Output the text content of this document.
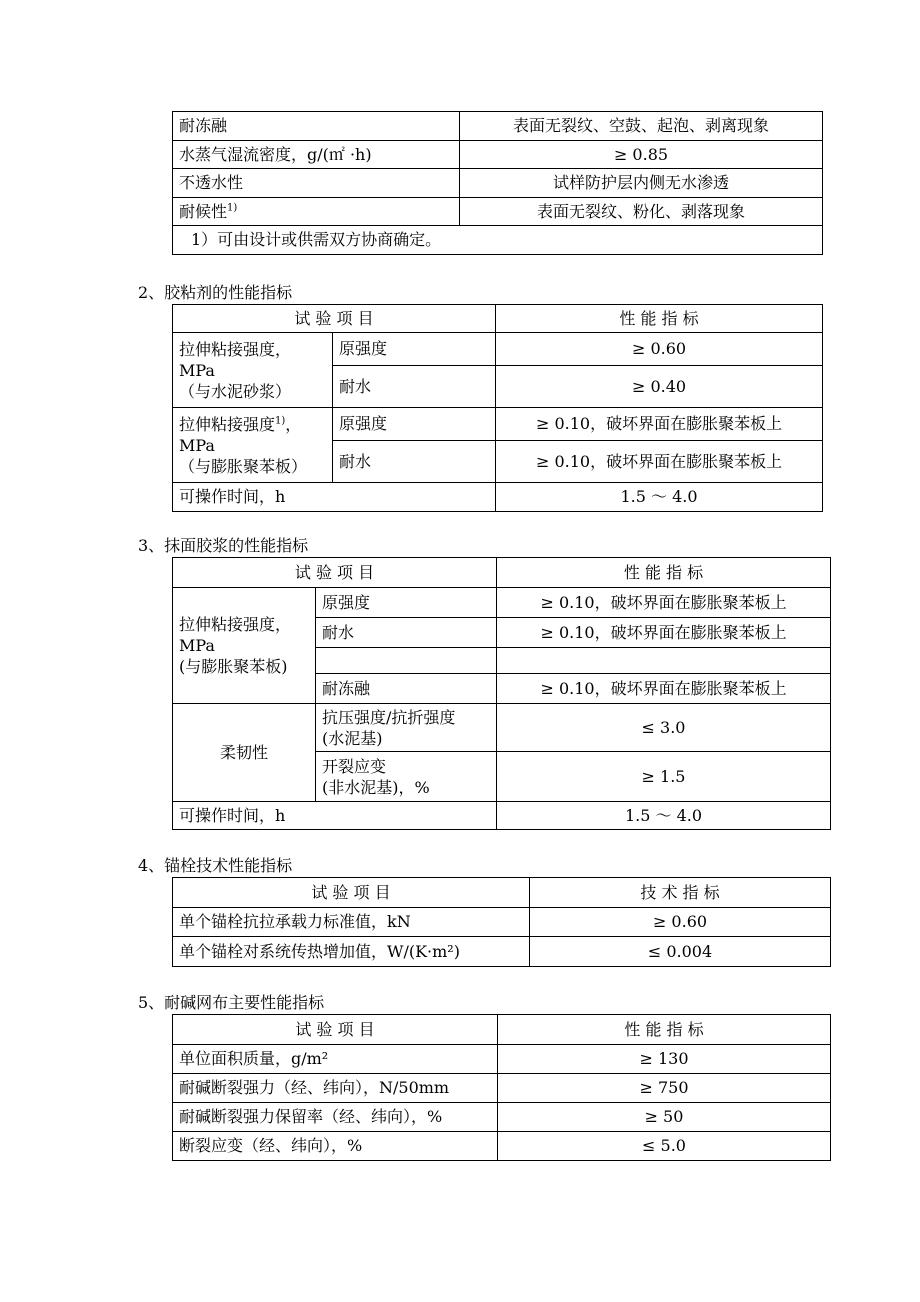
耐冻融	表面无裂纹、空鼓、起泡、剥离现象
水蒸气湿流密度，g/(㎡ ·h)	≥ 0.85
不透水性	试样防护层内侧无水渗透
耐候性$^{1)}$	表面无裂纹、粉化、剥落现象
1）可由设计或供需双方协商确定。	
2、胶粘剂的性能指标
试 验 项 目		性 能 指 标

拉伸粘接强度，
MPa
（与水泥砂浆）	原强度	≥ 0.60
	耐水	≥ 0.40

拉伸粘接强度$^{1)}$，
MPa
（与膨胀聚苯板）	原强度	≥ 0.10，破坏界面在膨胀聚苯板上
	耐水	≥ 0.10，破坏界面在膨胀聚苯板上
可操作时间，h		1.5 ～ 4.0
3、抹面胶浆的性能指标
试 验 项 目		性 能 指 标

拉伸粘接强度，
MPa
(与膨胀聚苯板)	原强度	≥ 0.10，破坏界面在膨胀聚苯板上
	耐水	≥ 0.10，破坏界面在膨胀聚苯板上

	耐冻融	≥ 0.10，破坏界面在膨胀聚苯板上
柔韧性	抗压强度/抗折强度
(水泥基)	≤ 3.0

	开裂应变
(非水泥基)，%	≥ 1.5
可操作时间，h		1.5 ～ 4.0
4、锚栓技术性能指标
试 验 项 目	技 术 指 标
单个锚栓抗拉承载力标准值，kN	≥ 0.60
单个锚栓对系统传热增加值，W/(K·m²)	≤ 0.004
5、耐碱网布主要性能指标
试 验 项 目	性 能 指 标
单位面积质量，g/m²	≥ 130
耐碱断裂强力（经、纬向），N/50mm	≥ 750
耐碱断裂强力保留率（经、纬向），%	≥ 50
断裂应变（经、纬向），%	≤ 5.0
